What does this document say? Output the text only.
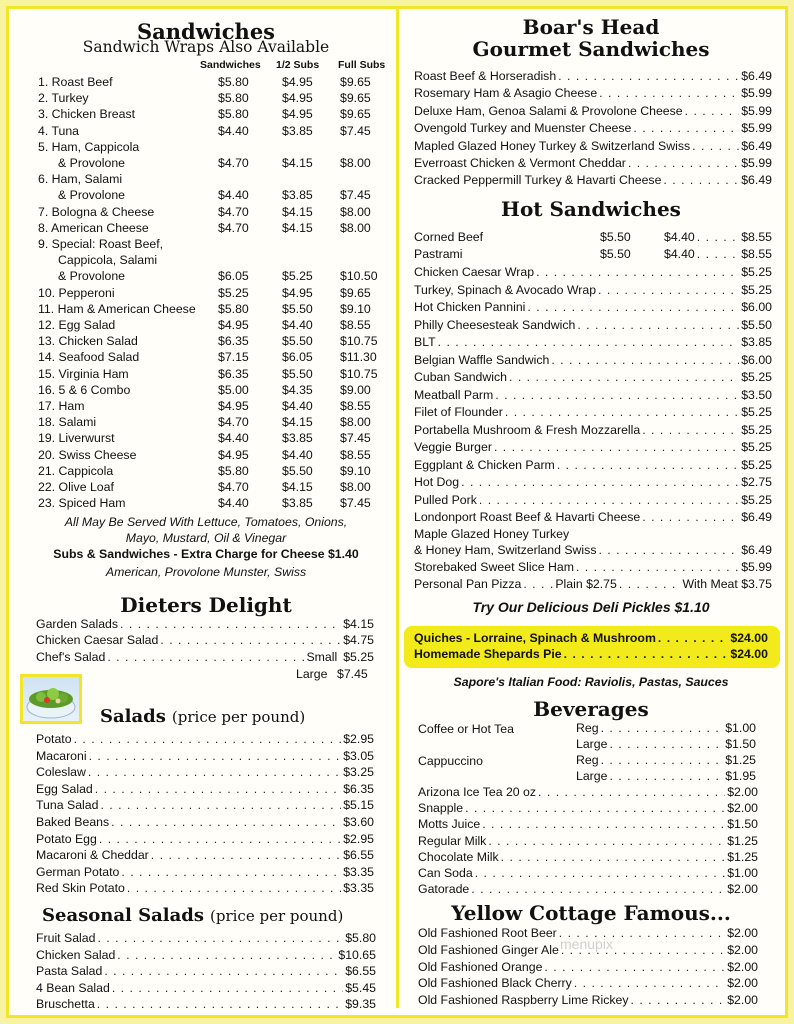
Sandwiches
Sandwich Wraps Also Available
Sandwiches 1/2 Subs Full Subs
1. Roast Beef	$5.80	$4.95 $9.65
2. Turkey	$5.80	$4.95 $9.65
3. Chicken Breast	$5.80	$4.95 $9.65
4. Tuna	$4.40	$3.85 $7.45
5. Ham, Cappicola
& Provolone	$4.70	$4.15 $8.00
6. Ham, Salami
& Provolone	$4.40	$3.85 $7.45
7. Bologna & Cheese	$4.70	$4.15 $8.00
8. American Cheese	$4.70	$4.15 $8.00
9. Special: Roast Beef,
Cappicola, Salami
& Provolone	$6.05	$5.25 $10.50
10. Pepperoni	$5.25	$4.95 $9.65
11. Ham & American Cheese $5.80	$5.50 $9.10
12. Egg Salad	$4.95	$4.40 $8.55
13. Chicken Salad	$6.35	$5.50 $10.75
14. Seafood Salad	$7.15	$6.05 $11.30
15. Virginia Ham	$6.35	$5.50 $10.75
16. 5 & 6 Combo	$5.00	$4.35 $9.00
17. Ham	$4.95	$4.40 $8.55
18. Salami	$4.70	$4.15 $8.00
19. Liverwurst	$4.40	$3.85 $7.45
20. Swiss Cheese	$4.95	$4.40 $8.55
21. Cappicola	$5.80	$5.50 $9.10
22. Olive Loaf	$4.70	$4.15 $8.00
23. Spiced Ham	$4.40	$3.85 $7.45
All May Be Served With Lettuce, Tomatoes, Onions,
Mayo, Mustard, Oil & Vinegar
Subs & Sandwiches - Extra Charge for Cheese $1.40
American, Provolone Munster, Swiss
Dieters Delight
Garden Salads . . .	$4.15
Chicken Caesar Salad . . .	$4.75
Chef's Salad . . .	Small $5.25
Large $7.45
Salads (price per pound)
Potato . . .	$2.95
Macaroni . . .	$3.05
Coleslaw . . .	$3.25
Egg Salad . . .	$6.35
Tuna Salad . . .	$5.15
Baked Beans . . .	$3.60
Potato Egg . . .	$2.95
Macaroni & Cheddar . . .	$6.55
German Potato . . .	$3.35
Red Skin Potato . . .	$3.35
Seasonal Salads (price per pound)
Fruit Salad . . .	$5.80
Chicken Salad . . .	$10.65
Pasta Salad . . .	$6.55
4 Bean Salad . . .	$5.45
Bruschetta . . .	$9.35
Boar's Head
Gourmet Sandwiches
Roast Beef & Horseradish . . .	$6.49
Rosemary Ham & Asagio Cheese . . .	$5.99
Deluxe Ham, Genoa Salami & Provolone Cheese . . .	$5.99
Ovengold Turkey and Muenster Cheese . . .	$5.99
Mapled Glazed Honey Turkey & Switzerland Swiss . . .	$6.49
Everroast Chicken & Vermont Cheddar . . .	$5.99
Cracked Peppermill Turkey & Havarti Cheese . . .	$6.49
Hot Sandwiches
Corned Beef	$5.50	$4.40 . . .	$8.55
Pastrami	$5.50	$4.40 . . .	$8.55
Chicken Caesar Wrap . . .	$5.25
Turkey, Spinach & Avocado Wrap . . .	$5.25
Hot Chicken Pannini . . .	$6.00
Philly Cheesesteak Sandwich . . .	$5.50
BLT . . .	$3.85
Belgian Waffle Sandwich . . .	$6.00
Cuban Sandwich . . .	$5.25
Meatball Parm . . .	$3.50
Filet of Flounder . . .	$5.25
Portabella Mushroom & Fresh Mozzarella . . .	$5.25
Veggie Burger . . .	$5.25
Eggplant & Chicken Parm . . .	$5.25
Hot Dog . . .	$2.75
Pulled Pork . . .	$5.25
Londonport Roast Beef & Havarti Cheese . . .	$6.49
Maple Glazed Honey Turkey
& Honey Ham, Switzerland Swiss . . .	$6.49
Storebaked Sweet Slice Ham . . .	$5.99
Personal Pan Pizza . . .	Plain $2.75 . . .	With Meat $3.75
Try Our Delicious Deli Pickles $1.10
Quiches - Lorraine, Spinach & Mushroom . . .	$24.00
Homemade Shepards Pie . . .	$24.00
Sapore's Italian Food: Raviolis, Pastas, Sauces
Beverages
Coffee or Hot Tea	Reg . . .	$1.00
Large . . .	$1.50
Cappuccino	Reg . . .	$1.25
Large . . .	$1.95
Arizona Ice Tea 20 oz . . .	$2.00
Snapple . . .	$2.00
Motts Juice . . .	$1.50
Regular Milk . . .	$1.25
Chocolate Milk . . .	$1.25
Can Soda . . .	$1.00
Gatorade . . .	$2.00
Yellow Cottage Famous...
Old Fashioned Root Beer . . .	$2.00
Old Fashioned Ginger Ale . . .	$2.00
Old Fashioned Orange . . .	$2.00
Old Fashioned Black Cherry . . .	$2.00
Old Fashioned Raspberry Lime Rickey . . .	$2.00
menupix
